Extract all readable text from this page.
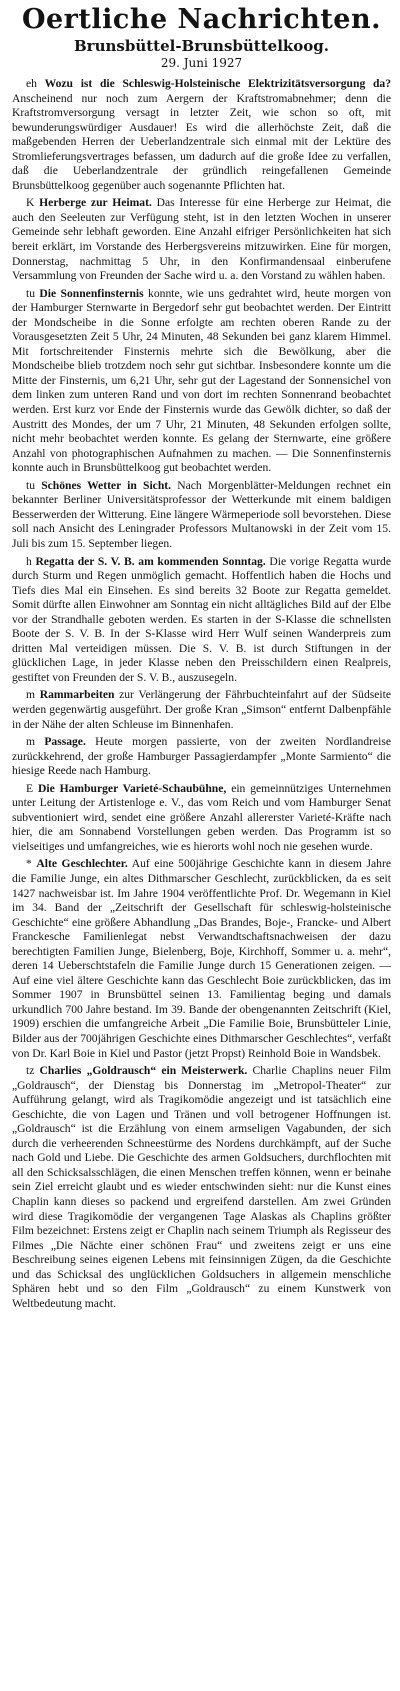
Oertliche Nachrichten.
Brunsbüttel-Brunsbüttelkoog.
29. Juni 1927

eh Wozu ist die Schleswig-Holsteinische Elektrizitätsversorgung da? Anscheinend nur noch zum Aergern der Kraftstromabnehmer; denn die Kraftstromversorgung versagt in letzter Zeit, wie schon so oft, mit bewunderungswürdiger Ausdauer! Es wird die allerhöchste Zeit, daß die maßgebenden Herren der Ueberlandzentrale sich einmal mit der Lektüre des Stromlieferungsvertrages befassen, um dadurch auf die große Idee zu verfallen, daß die Ueberlandzentrale der gründlich reingefallenen Gemeinde Brunsbüttelkoog gegenüber auch sogenannte Pflichten hat.

K Herberge zur Heimat. Das Interesse für eine Herberge zur Heimat, die auch den Seeleuten zur Verfügung steht, ist in den letzten Wochen in unserer Gemeinde sehr lebhaft geworden. Eine Anzahl eifriger Persönlichkeiten hat sich bereit erklärt, im Vorstande des Herbergsvereins mitzuwirken. Eine für morgen, Donnerstag, nachmittag 5 Uhr, in den Konfirmandensaal einberufene Versammlung von Freunden der Sache wird u. a. den Vorstand zu wählen haben.

tu Die Sonnenfinsternis konnte, wie uns gedrahtet wird, heute morgen von der Hamburger Sternwarte in Bergedorf sehr gut beobachtet werden. Der Eintritt der Mondscheibe in die Sonne erfolgte am rechten oberen Rande zu der Vorausgesetzten Zeit 5 Uhr, 24 Minuten, 48 Sekunden bei ganz klarem Himmel. Mit fortschreitender Finsternis mehrte sich die Bewölkung, aber die Mondscheibe blieb trotzdem noch sehr gut sichtbar. Insbesondere konnte um die Mitte der Finsternis, um 6,21 Uhr, sehr gut der Lagestand der Sonnensichel von dem linken zum unteren Rand und von dort im rechten Sonnenrand beobachtet werden. Erst kurz vor Ende der Finsternis wurde das Gewölk dichter, so daß der Austritt des Mondes, der um 7 Uhr, 21 Minuten, 48 Sekunden erfolgen sollte, nicht mehr beobachtet werden konnte. Es gelang der Sternwarte, eine größere Anzahl von photographischen Aufnahmen zu machen. — Die Sonnenfinsternis konnte auch in Brunsbüttelkoog gut beobachtet werden.

tu Schönes Wetter in Sicht. Nach Morgenblätter-Meldungen rechnet ein bekannter Berliner Universitätsprofessor der Wetterkunde mit einem baldigen Besserwerden der Witterung. Eine längere Wärmeperiode soll bevorstehen. Diese soll nach Ansicht des Leningrader Professors Multanowski in der Zeit vom 15. Juli bis zum 15. September liegen.

h Regatta der S. V. B. am kommenden Sonntag. Die vorige Regatta wurde durch Sturm und Regen unmöglich gemacht. Hoffentlich haben die Hochs und Tiefs dies Mal ein Einsehen. Es sind bereits 32 Boote zur Regatta gemeldet. Somit dürfte allen Einwohner am Sonntag ein nicht alltägliches Bild auf der Elbe vor der Strandhalle geboten werden. Es starten in der S-Klasse die schnellsten Boote der S. V. B. In der S-Klasse wird Herr Wulf seinen Wanderpreis zum dritten Mal verteidigen müssen. Die S. V. B. ist durch Stiftungen in der glücklichen Lage, in jeder Klasse neben den Preisschildern einen Realpreis, gestiftet von Freunden der S. V. B., auszusegeln.

m Rammarbeiten zur Verlängerung der Fährbuchteinfahrt auf der Südseite werden gegenwärtig ausgeführt. Der große Kran „Simson“ entfernt Dalbenpfähle in der Nähe der alten Schleuse im Binnenhafen.

m Passage. Heute morgen passierte, von der zweiten Nordlandreise zurückkehrend, der große Hamburger Passagierdampfer „Monte Sarmiento“ die hiesige Reede nach Hamburg.

E Die Hamburger Varieté-Schaubühne, ein gemeinnütziges Unternehmen unter Leitung der Artistenloge e. V., das vom Reich und vom Hamburger Senat subventioniert wird, sendet eine größere Anzahl allererster Varieté-Kräfte nach hier, die am Sonnabend Vorstellungen geben werden. Das Programm ist so vielseitiges und umfangreiches, wie es hierorts wohl noch nie gesehen wurde.

* Alte Geschlechter. Auf eine 500jährige Geschichte kann in diesem Jahre die Familie Junge, ein altes Dithmarscher Geschlecht, zurückblicken, da es seit 1427 nachweisbar ist. Im Jahre 1904 veröffentlichte Prof. Dr. Wegemann in Kiel im 34. Band der „Zeitschrift der Gesellschaft für schleswig-holsteinische Geschichte“ eine größere Abhandlung „Das Brandes, Boje-, Francke- und Albert Franckesche Familienlegat nebst Verwandtschaftsnachweisen der dazu berechtigten Familien Junge, Bielenberg, Boje, Kirchhoff, Sommer u. a. mehr“, deren 14 Ueberschtstafeln die Familie Junge durch 15 Generationen zeigen. — Auf eine viel ältere Geschichte kann das Geschlecht Boie zurückblicken, das im Sommer 1907 in Brunsbüttel seinen 13. Familientag beging und damals urkundlich 700 Jahre bestand. Im 39. Bande der obengenannten Zeitschrift (Kiel, 1909) erschien die umfangreiche Arbeit „Die Familie Boie, Brunsbütteler Linie, Bilder aus der 700jährigen Geschichte eines Dithmarscher Geschlechtes“, verfaßt von Dr. Karl Boie in Kiel und Pastor (jetzt Propst) Reinhold Boie in Wandsbek.

tz Charlies „Goldrausch“ ein Meisterwerk. Charlie Chaplins neuer Film „Goldrausch“, der Dienstag bis Donnerstag im „Metropol-Theater“ zur Aufführung gelangt, wird als Tragikomödie angezeigt und ist tatsächlich eine Geschichte, die von Lagen und Tränen und voll betrogener Hoffnungen ist. „Goldrausch“ ist die Erzählung von einem armseligen Vagabunden, der sich durch die verheerenden Schneestürme des Nordens durchkämpft, auf der Suche nach Gold und Liebe. Die Geschichte des armen Goldsuchers, durchflochten mit all den Schicksalsschlägen, die einen Menschen treffen können, wenn er beinahe sein Ziel erreicht glaubt und es wieder entschwinden sieht: nur die Kunst eines Chaplin kann dieses so packend und ergreifend darstellen. Am zwei Gründen wird diese Tragikomödie der vergangenen Tage Alaskas als Chaplins größter Film bezeichnet: Erstens zeigt er Chaplin nach seinem Triumph als Regisseur des Filmes „Die Nächte einer schönen Frau“ und zweitens zeigt er uns eine Beschreibung seines eigenen Lebens mit feinsinnigen Zügen, da die Geschichte und das Schicksal des unglücklichen Goldsuchers in allgemein menschliche Sphären hebt und so den Film „Goldrausch“ zu einem Kunstwerk von Weltbedeutung macht.
